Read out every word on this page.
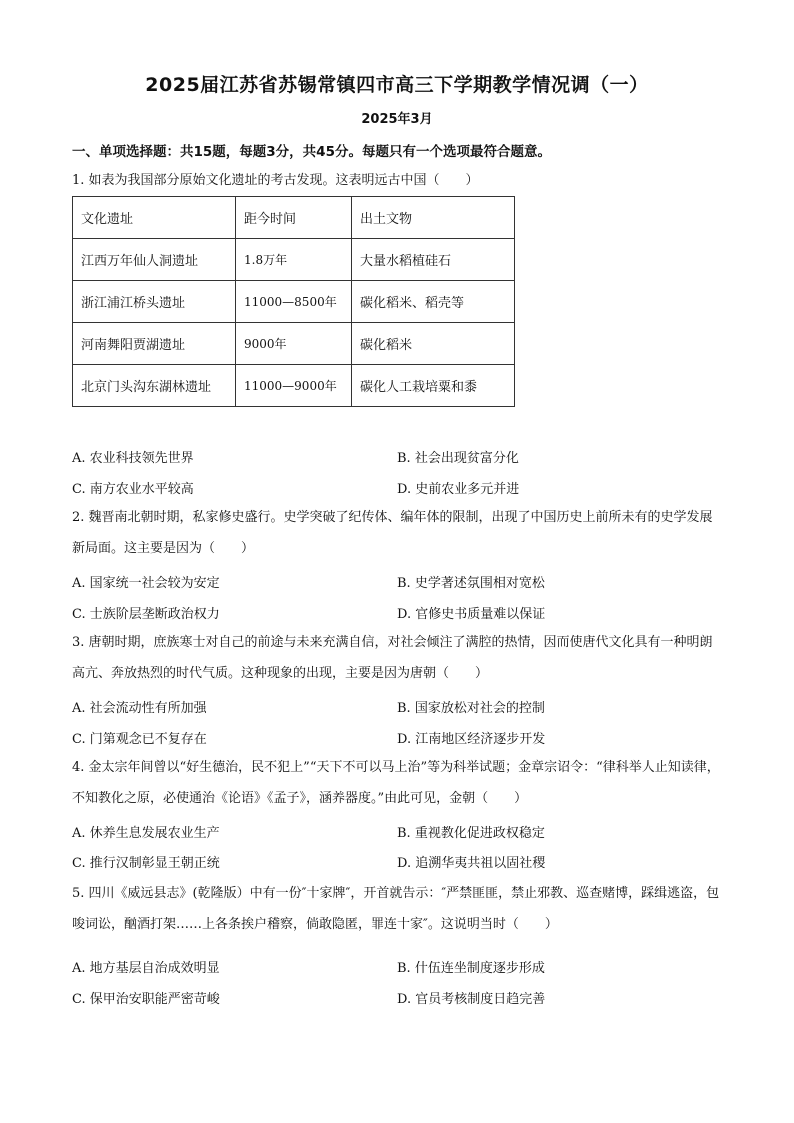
2025届江苏省苏锡常镇四市高三下学期教学情况调（一）
2025年3月
一、单项选择题：共15题，每题3分，共45分。每题只有一个选项最符合题意。
1. 如表为我国部分原始文化遗址的考古发现。这表明远古中国（　　）
文化遗址	距今时间	出土文物
江西万年仙人洞遗址	1.8万年	大量水稻植硅石
浙江浦江桥头遗址	11000—8500年	碳化稻米、稻壳等
河南舞阳贾湖遗址	9000年	碳化稻米
北京门头沟东湖林遗址	11000—9000年	碳化人工栽培粟和黍
A. 农业科技领先世界	B. 社会出现贫富分化
C. 南方农业水平较高	D. 史前农业多元并进
2. 魏晋南北朝时期，私家修史盛行。史学突破了纪传体、编年体的限制，出现了中国历史上前所未有的史学发展新局面。这主要是因为（　　）
A. 国家统一社会较为安定	B. 史学著述氛围相对宽松
C. 士族阶层垄断政治权力	D. 官修史书质量难以保证
3. 唐朝时期，庶族寒士对自己的前途与未来充满自信，对社会倾注了满腔的热情，因而使唐代文化具有一种明朗高亢、奔放热烈的时代气质。这种现象的出现，主要是因为唐朝（　　）
A. 社会流动性有所加强	B. 国家放松对社会的控制
C. 门第观念已不复存在	D. 江南地区经济逐步开发
4. 金太宗年间曾以“好生德治，民不犯上”“天下不可以马上治”等为科举试题；金章宗诏令：“律科举人止知读律，不知教化之原，必使通治《论语》《孟子》，涵养器度。”由此可见，金朝（　　）
A. 休养生息发展农业生产	B. 重视教化促进政权稳定
C. 推行汉制彰显王朝正统	D. 追溯华夷共祖以固社稷
5. 四川《威远县志》(乾隆版）中有一份″十家牌″，开首就告示：″严禁匪匪，禁止邪教、巡查赌博，踩缉逃盗，包唆词讼，酗酒打架……上各条挨户稽察，倘敢隐匿，罪连十家″。这说明当时（　　）
A. 地方基层自治成效明显	B. 什伍连坐制度逐步形成
C. 保甲治安职能严密苛峻	D. 官员考核制度日趋完善
